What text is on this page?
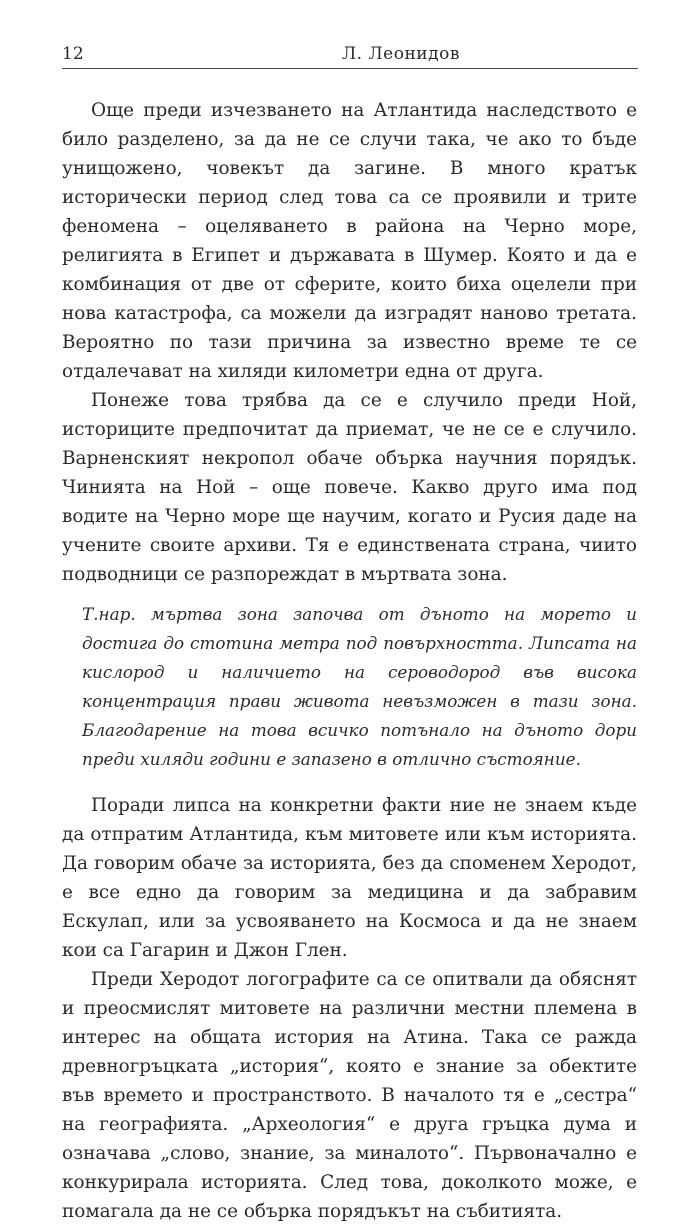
12	Л. Леонидов

Още преди изчезването на Атлантида наследството е било разделено, за да не се случи така, че ако то бъде унищожено, човекът да загине. В много кратък исторически период след това са се проявили и трите феномена – оцеляването в района на Черно море, религията в Египет и държавата в Шумер. Която и да е комбинация от две от сферите, които биха оцелели при нова катастрофа, са можели да изградят наново третата. Вероятно по тази причина за известно време те се отдалечават на хиляди километри една от друга.

Понеже това трябва да се е случило преди Ной, историците предпочитат да приемат, че не се е случило. Варненският некропол обаче обърка научния порядък. Чинията на Ной – още повече. Какво друго има под водите на Черно море ще научим, когато и Русия даде на учените своите архиви. Тя е единствената страна, чиито подводници се разпореждат в мъртвата зона.

Т.нар. мъртва зона започва от дъното на морето и достига до стотина метра под повърхността. Липсата на кислород и наличието на сероводород във висока концентрация прави живота невъзможен в тази зона. Благодарение на това всичко потънало на дъното дори преди хиляди години е запазено в отлично състояние.

Поради липса на конкретни факти ние не знаем къде да отпратим Атлантида, към митовете или към историята. Да говорим обаче за историята, без да споменем Херодот, е все едно да говорим за медицина и да забравим Ескулап, или за усвояването на Космоса и да не знаем кои са Гагарин и Джон Глен.

Преди Херодот логографите са се опитвали да обяснят и преосмислят митовете на различни местни племена в интерес на общата история на Атина. Така се ражда древногръцката „история“, която е знание за обектите във времето и пространството. В началото тя е „сестра“ на географията. „Археология“ е друга гръцка дума и означава „слово, знание, за миналото“. Първоначално е конкурирала историята. След това, доколкото може, е помагала да не се обърка порядъкът на събитията.
